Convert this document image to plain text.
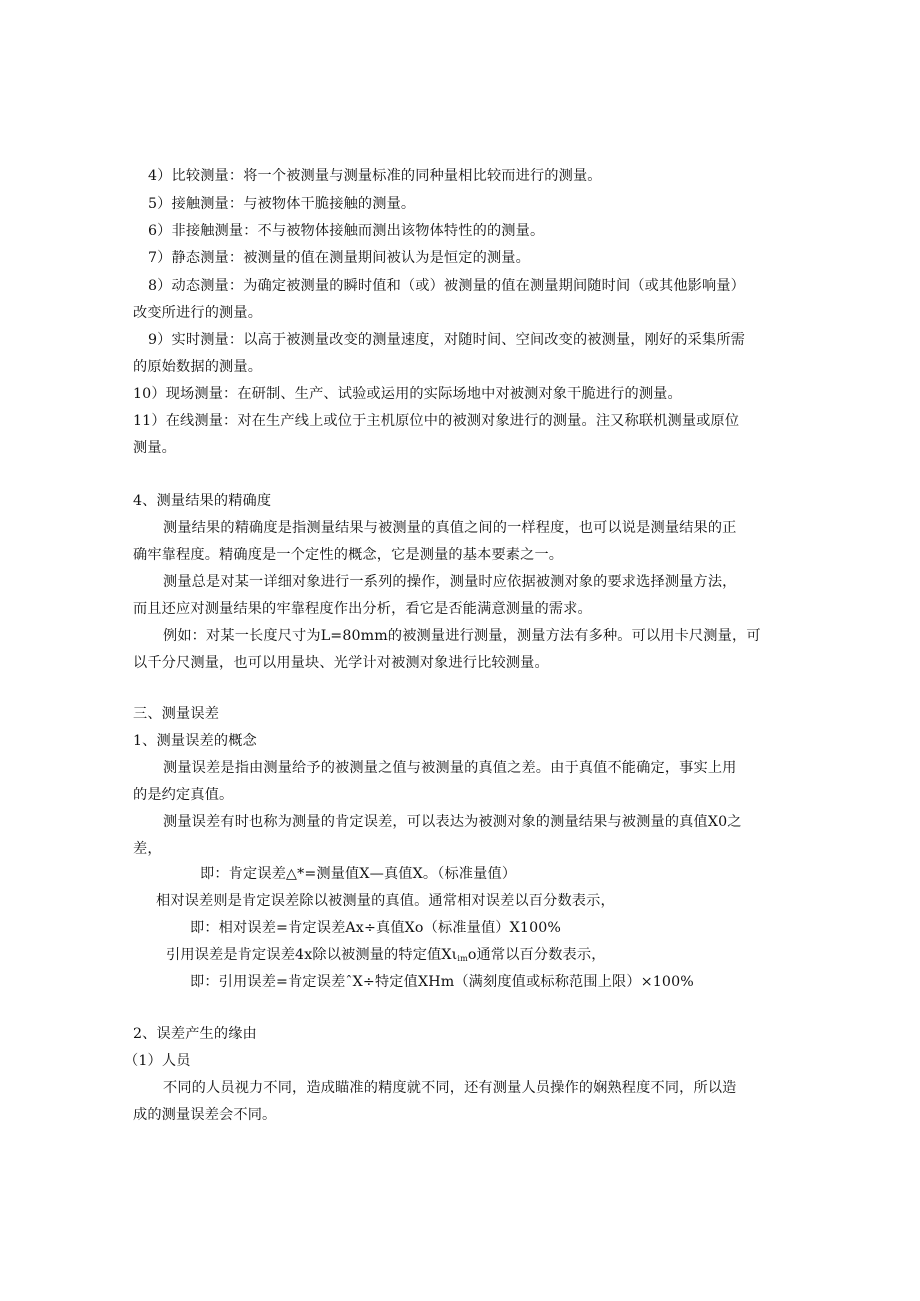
4）比较测量：将一个被测量与测量标准的同种量相比较而进行的测量。
5）接触测量：与被物体干脆接触的测量。
6）非接触测量：不与被物体接触而测出该物体特性的的测量。
7）静态测量：被测量的值在测量期间被认为是恒定的测量。
8）动态测量：为确定被测量的瞬时值和（或）被测量的值在测量期间随时间（或其他影响量）
改变所进行的测量。
9）实时测量：以高于被测量改变的测量速度，对随时间、空间改变的被测量，刚好的采集所需
的原始数据的测量。
10）现场测量：在研制、生产、试验或运用的实际场地中对被测对象干脆进行的测量。
11）在线测量：对在生产线上或位于主机原位中的被测对象进行的测量。注又称联机测量或原位
测量。
4、测量结果的精确度
测量结果的精确度是指测量结果与被测量的真值之间的一样程度，也可以说是测量结果的正
确牢靠程度。精确度是一个定性的概念，它是测量的基本要素之一。
测量总是对某一详细对象进行一系列的操作，测量时应依据被测对象的要求选择测量方法，
而且还应对测量结果的牢靠程度作出分析，看它是否能满意测量的需求。
例如：对某一长度尺寸为L=80mm的被测量进行测量，测量方法有多种。可以用卡尺测量，可
以千分尺测量，也可以用量块、光学计对被测对象进行比较测量。
三、测量误差
1、测量误差的概念
测量误差是指由测量给予的被测量之值与被测量的真值之差。由于真值不能确定，事实上用
的是约定真值。
测量误差有时也称为测量的肯定误差，可以表达为被测对象的测量结果与被测量的真值X0之
差，
即：肯定误差△*=测量值X—真值X。（标准量值）
相对误差则是肯定误差除以被测量的真值。通常相对误差以百分数表示，
即：相对误差=肯定误差Ax÷真值Xo（标准量值）X100%
引用误差是肯定误差4x除以被测量的特定值$X\iota_{im}o$通常以百分数表示，
即：引用误差=肯定误差ˆX÷特定值XHm（满刻度值或标称范围上限）×100%
2、误差产生的缘由
（1）人员
不同的人员视力不同，造成瞄准的精度就不同，还有测量人员操作的娴熟程度不同，所以造
成的测量误差会不同。
